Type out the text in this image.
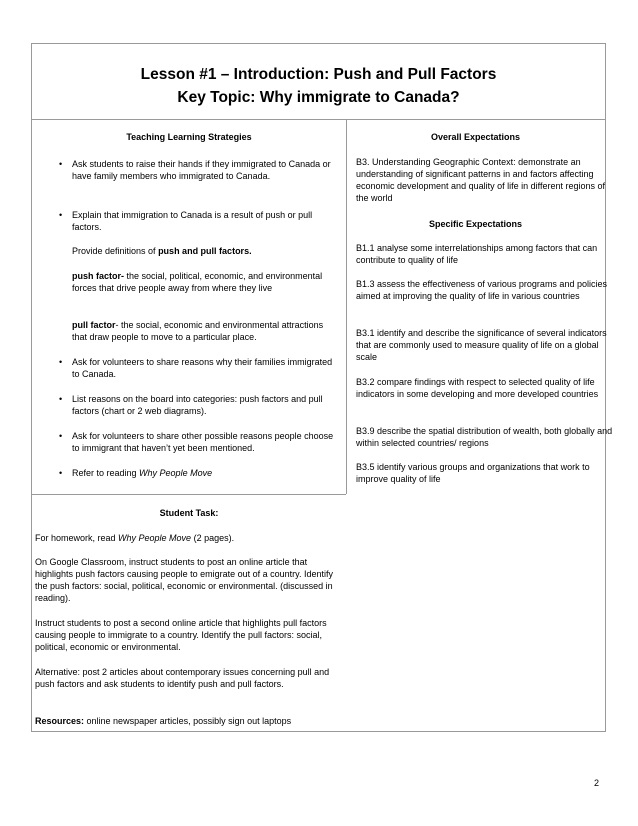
Lesson #1 – Introduction: Push and Pull Factors
Key Topic: Why immigrate to Canada?
Teaching Learning Strategies
• Ask students to raise their hands if they immigrated to Canada or have family members who immigrated to Canada.
• Explain that immigration to Canada is a result of push or pull factors.
Provide definitions of push and pull factors.
push factor- the social, political, economic, and environmental forces that drive people away from where they live
pull factor- the social, economic and environmental attractions that draw people to move to a particular place.
• Ask for volunteers to share reasons why their families immigrated to Canada.
• List reasons on the board into categories: push factors and pull factors (chart or 2 web diagrams).
• Ask for volunteers to share other possible reasons people choose to immigrant that haven’t yet been mentioned.
• Refer to reading Why People Move
Overall Expectations
B3. Understanding Geographic Context: demonstrate an understanding of significant patterns in and factors affecting economic development and quality of life in different regions of the world
Specific Expectations
B1.1 analyse some interrelationships among factors that can contribute to quality of life
B1.3 assess the effectiveness of various programs and policies aimed at improving the quality of life in various countries
B3.1 identify and describe the significance of several indicators that are commonly used to measure quality of life on a global scale
B3.2 compare findings with respect to selected quality of life indicators in some developing and more developed countries
B3.9 describe the spatial distribution of wealth, both globally and within selected countries/ regions
B3.5 identify various groups and organizations that work to improve quality of life
Student Task:
For homework, read Why People Move (2 pages).
On Google Classroom, instruct students to post an online article that highlights push factors causing people to emigrate out of a country. Identify the push factors: social, political, economic or environmental. (discussed in reading).
Instruct students to post a second online article that highlights pull factors causing people to immigrate to a country. Identify the pull factors: social, political, economic or environmental.
Alternative: post 2 articles about contemporary issues concerning pull and push factors and ask students to identify push and pull factors.
Resources: online newspaper articles, possibly sign out laptops
2
